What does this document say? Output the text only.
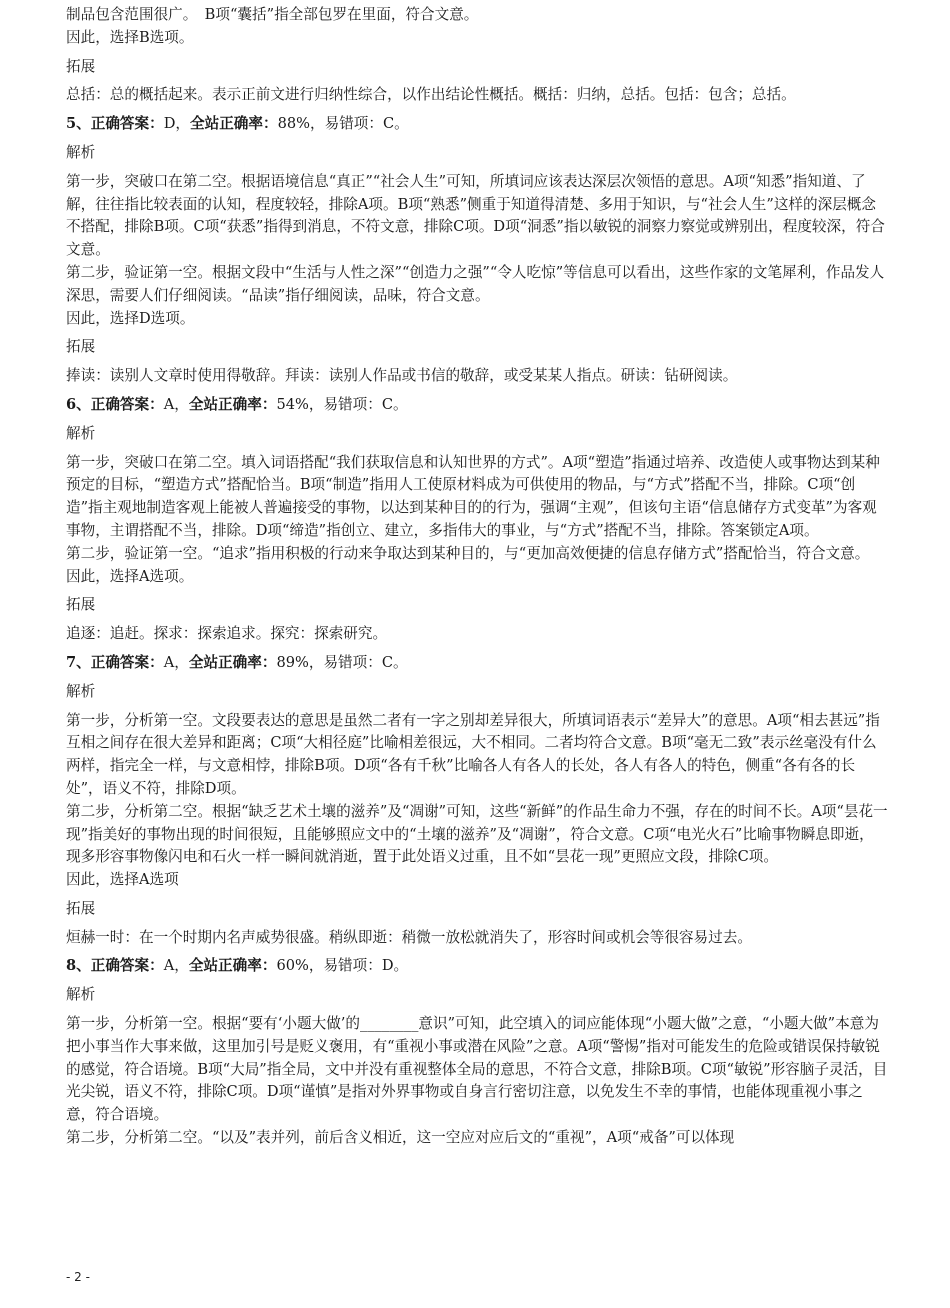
制品包含范围很广。　B项“囊括”指全部包罗在里面，符合文意。

因此，选择B选项。

拓展

总括：总的概括起来。表示正前文进行归纳性综合，以作出结论性概括。概括：归纳，总括。包括：包含；总括。

5、正确答案：D，全站正确率：88%，易错项：C。

解析

第一步，突破口在第二空。根据语境信息“真正”“社会人生”可知，所填词应该表达深层次领悟的意思。A项“知悉”指知道、了解，往往指比较表面的认知，程度较轻，排除A项。B项“熟悉”侧重于知道得清楚、多用于知识，与“社会人生”这样的深层概念不搭配，排除B项。C项“获悉”指得到消息，不符文意，排除C项。D项“洞悉”指以敏锐的洞察力察觉或辨别出，程度较深，符合文意。

第二步，验证第一空。根据文段中“生活与人性之深”“创造力之强”“令人吃惊”等信息可以看出，这些作家的文笔犀利，作品发人深思，需要人们仔细阅读。“品读”指仔细阅读，品味，符合文意。

因此，选择D选项。

拓展

捧读：读别人文章时使用得敬辞。拜读：读别人作品或书信的敬辞，或受某某人指点。研读：钻研阅读。

6、正确答案：A，全站正确率：54%，易错项：C。

解析

第一步，突破口在第二空。填入词语搭配“我们获取信息和认知世界的方式”。A项“塑造”指通过培养、改造使人或事物达到某种预定的目标，“塑造方式”搭配恰当。B项“制造”指用人工使原材料成为可供使用的物品，与“方式”搭配不当，排除。C项“创造”指主观地制造客观上能被人普遍接受的事物，以达到某种目的的行为，强调“主观”，但该句主语“信息储存方式变革”为客观事物，主谓搭配不当，排除。D项“缔造”指创立、建立，多指伟大的事业，与“方式”搭配不当，排除。答案锁定A项。

第二步，验证第一空。“追求”指用积极的行动来争取达到某种目的，与“更加高效便捷的信息存储方式”搭配恰当，符合文意。

因此，选择A选项。

拓展

追逐：追赶。探求：探索追求。探究：探索研究。

7、正确答案：A，全站正确率：89%，易错项：C。

解析

第一步，分析第一空。文段要表达的意思是虽然二者有一字之别却差异很大，所填词语表示“差异大”的意思。A项“相去甚远”指互相之间存在很大差异和距离；C项“大相径庭”比喻相差很远，大不相同。二者均符合文意。B项“毫无二致”表示丝毫没有什么两样，指完全一样，与文意相悖，排除B项。D项“各有千秋”比喻各人有各人的长处，各人有各人的特色，侧重“各有各的长处”，语义不符，排除D项。

第二步，分析第二空。根据“缺乏艺术土壤的滋养”及“凋谢”可知，这些“新鲜”的作品生命力不强，存在的时间不长。A项“昙花一现”指美好的事物出现的时间很短，且能够照应文中的“土壤的滋养”及“凋谢”，符合文意。C项“电光火石”比喻事物瞬息即逝，现多形容事物像闪电和石火一样一瞬间就消逝，置于此处语义过重，且不如“昙花一现”更照应文段，排除C项。

因此，选择A选项

拓展

烜赫一时：在一个时期内名声威势很盛。稍纵即逝：稍微一放松就消失了，形容时间或机会等很容易过去。

8、正确答案：A，全站正确率：60%，易错项：D。

解析

第一步，分析第一空。根据“要有‘小题大做’的________意识”可知，此空填入的词应能体现“小题大做”之意，“小题大做”本意为把小事当作大事来做，这里加引号是贬义褒用，有“重视小事或潜在风险”之意。A项“警惕”指对可能发生的危险或错误保持敏锐的感觉，符合语境。B项“大局”指全局，文中并没有重视整体全局的意思，不符合文意，排除B项。C项“敏锐”形容脑子灵活，目光尖锐，语义不符，排除C项。D项“谨慎”是指对外界事物或自身言行密切注意，以免发生不幸的事情，也能体现重视小事之意，符合语境。

第二步，分析第二空。“以及”表并列，前后含义相近，这一空应对应后文的“重视”，A项“戒备”可以体现

- 2 -
